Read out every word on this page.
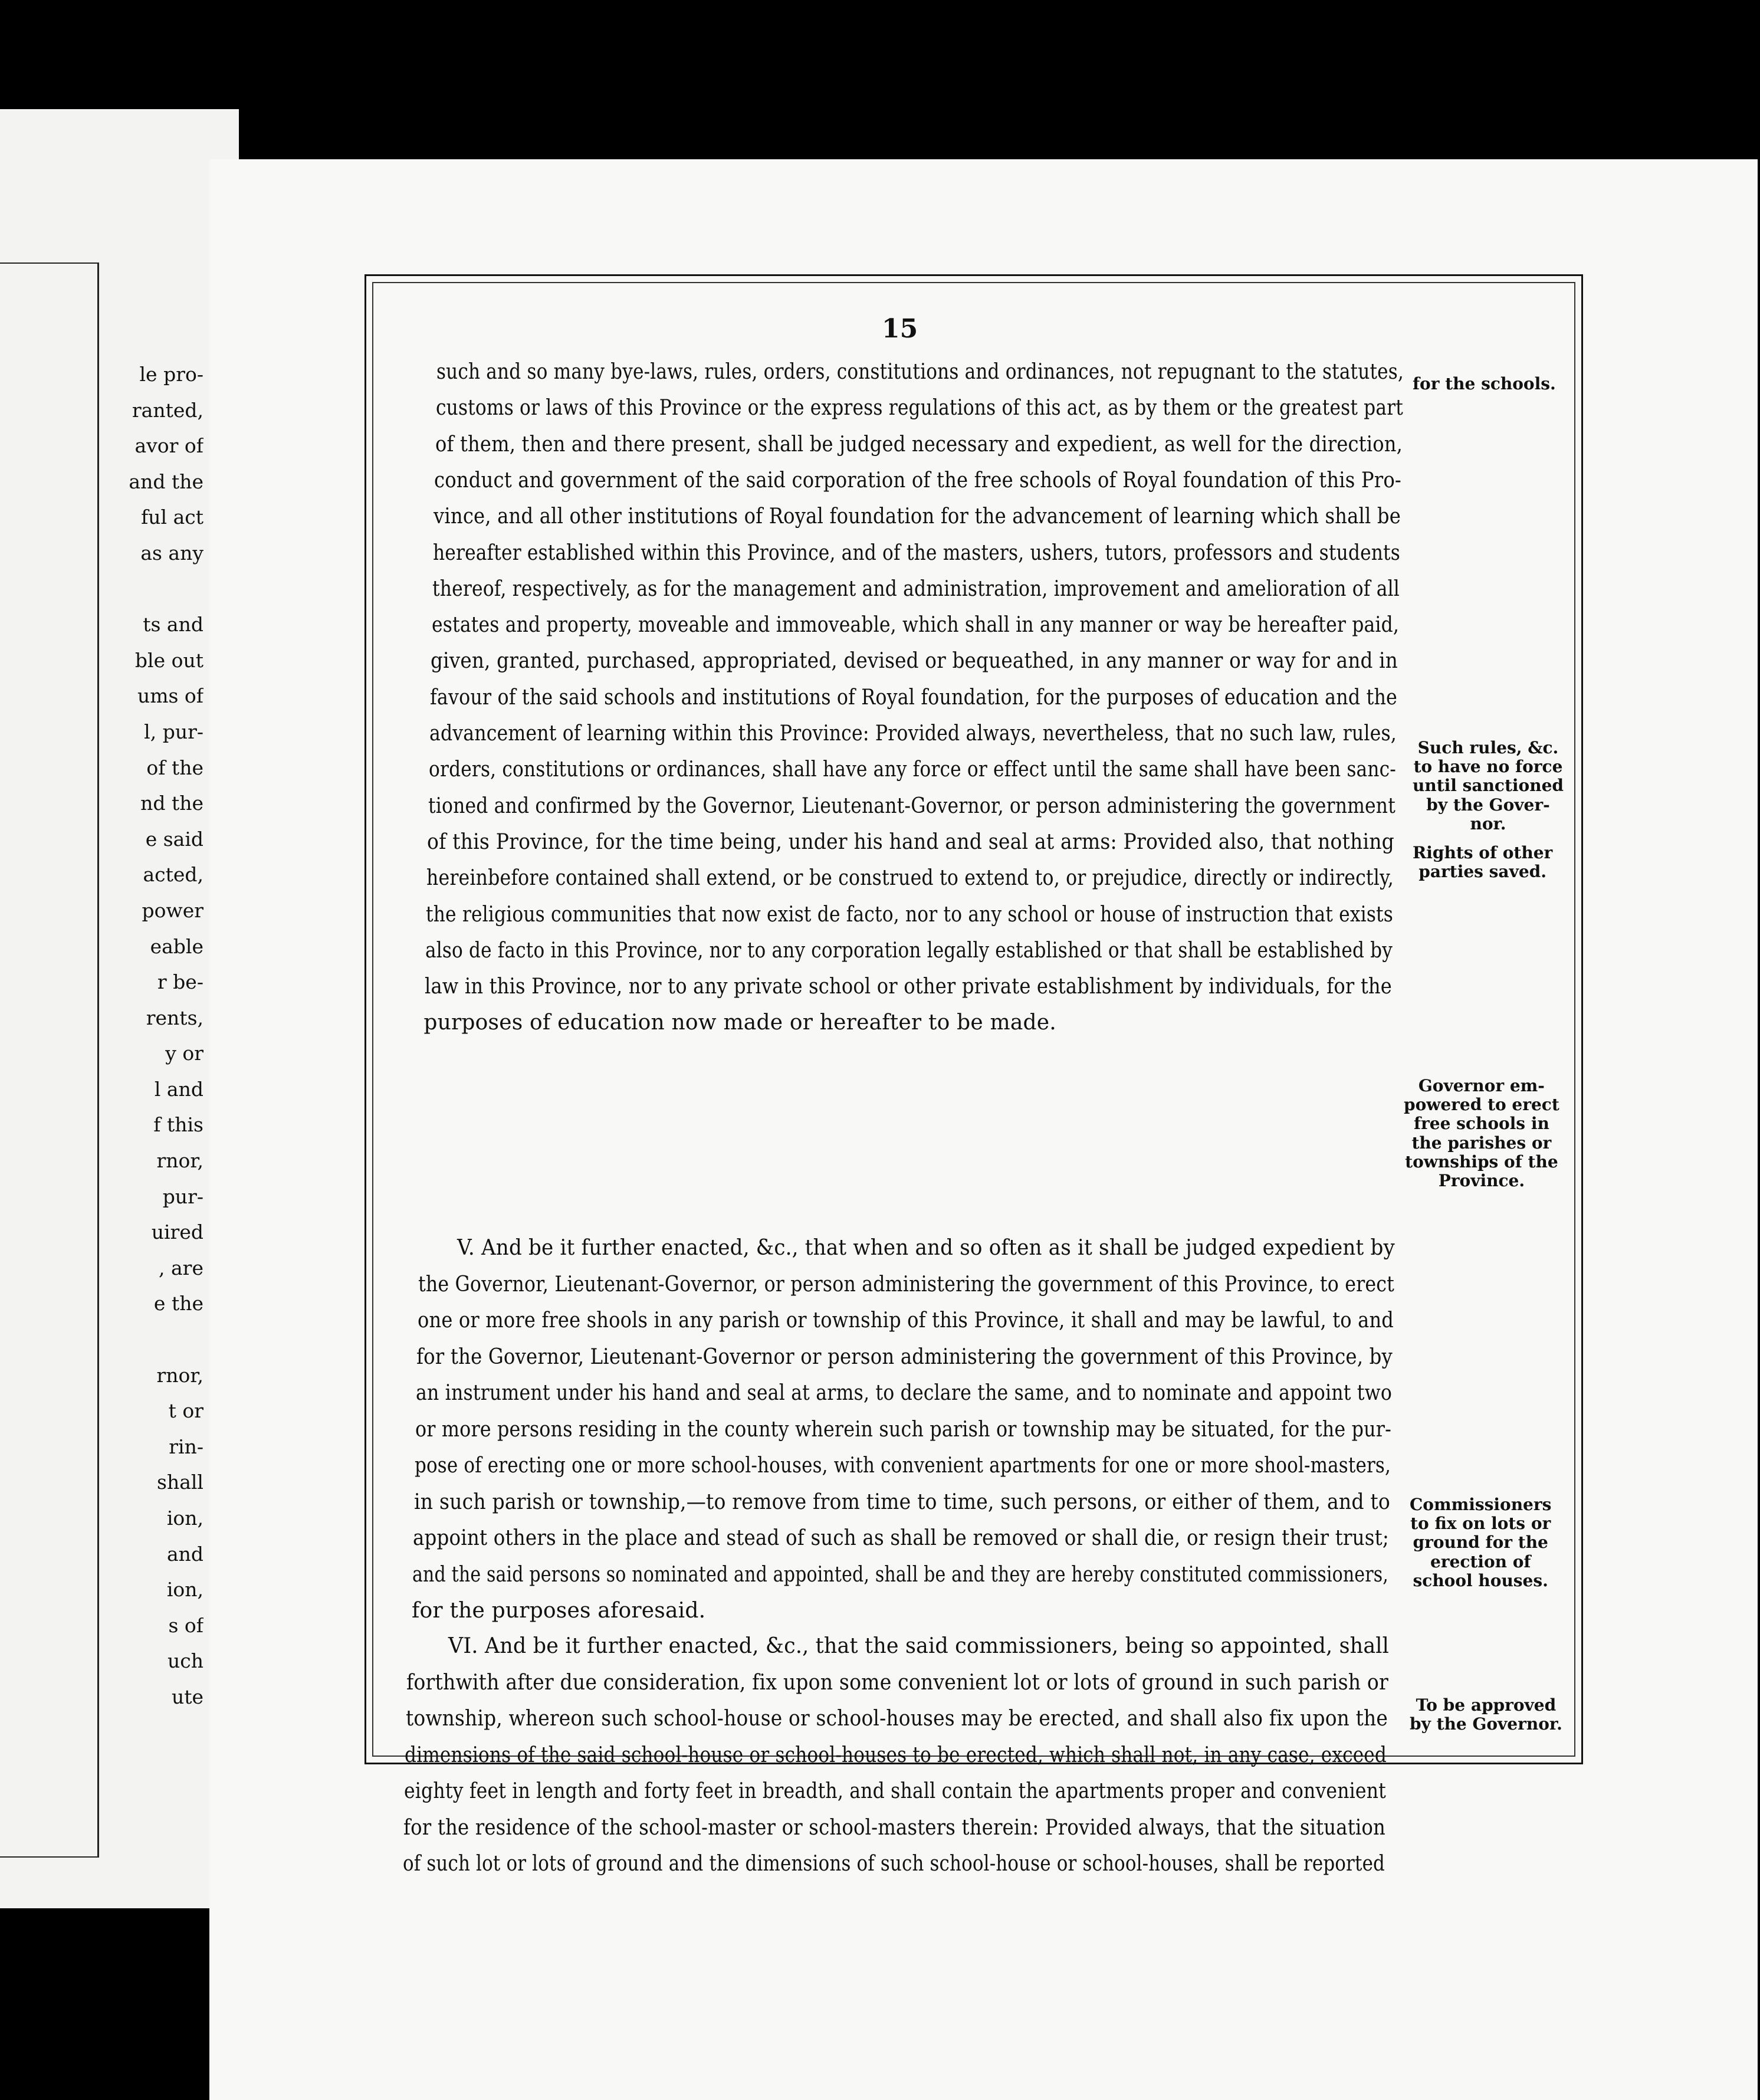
le pro-
ranted,
avor of
and the
ful act
as any

ts and
ble out
ums of
l, pur-
of the
nd the
e said
acted,
power
eable
r be-
rents,
y or
l and
f this
rnor,
pur-
uired
, are
e the

rnor,
t or
rin-
shall
ion,
and
ion,
s of
uch
ute
15
such and so many bye-laws, rules, orders, constitutions and ordinances, not repugnant to the statutes,
customs or laws of this Province or the express regulations of this act, as by them or the greatest part
of them, then and there present, shall be judged necessary and expedient, as well for the direction,
conduct and government of the said corporation of the free schools of Royal foundation of this Pro-
vince, and all other institutions of Royal foundation for the advancement of learning which shall be
hereafter established within this Province, and of the masters, ushers, tutors, professors and students
thereof, respectively, as for the management and administration, improvement and amelioration of all
estates and property, moveable and immoveable, which shall in any manner or way be hereafter paid,
given, granted, purchased, appropriated, devised or bequeathed, in any manner or way for and in
favour of the said schools and institutions of Royal foundation, for the purposes of education and the
advancement of learning within this Province: Provided always, nevertheless, that no such law, rules,
orders, constitutions or ordinances, shall have any force or effect until the same shall have been sanc-
tioned and confirmed by the Governor, Lieutenant-Governor, or person administering the government
of this Province, for the time being, under his hand and seal at arms: Provided also, that nothing
hereinbefore contained shall extend, or be construed to extend to, or prejudice, directly or indirectly,
the religious communities that now exist de facto, nor to any school or house of instruction that exists
also de facto in this Province, nor to any corporation legally established or that shall be established by
law in this Province, nor to any private school or other private establishment by individuals, for the
purposes of education now made or hereafter to be made.
V. And be it further enacted, &c., that when and so often as it shall be judged expedient by
the Governor, Lieutenant-Governor, or person administering the government of this Province, to erect
one or more free shools in any parish or township of this Province, it shall and may be lawful, to and
for the Governor, Lieutenant-Governor or person administering the government of this Province, by
an instrument under his hand and seal at arms, to declare the same, and to nominate and appoint two
or more persons residing in the county wherein such parish or township may be situated, for the pur-
pose of erecting one or more school-houses, with convenient apartments for one or more shool-masters,
in such parish or township,—to remove from time to time, such persons, or either of them, and to
appoint others in the place and stead of such as shall be removed or shall die, or resign their trust;
and the said persons so nominated and appointed, shall be and they are hereby constituted commissioners,
for the purposes aforesaid.
VI. And be it further enacted, &c., that the said commissioners, being so appointed, shall
forthwith after due consideration, fix upon some convenient lot or lots of ground in such parish or
township, whereon such school-house or school-houses may be erected, and shall also fix upon the
dimensions of the said school-house or school-houses to be erected, which shall not, in any case, exceed
eighty feet in length and forty feet in breadth, and shall contain the apartments proper and convenient
for the residence of the school-master or school-masters therein: Provided always, that the situation
of such lot or lots of ground and the dimensions of such school-house or school-houses, shall be reported
for the schools.
Such rules, &c.
to have no force
until sanctioned
by the Gover-
nor.
Rights of other
parties saved.
Governor em-
powered to erect
free schools in
the parishes or
townships of the
Province.
Commissioners
to fix on lots or
ground for the
erection of
school houses.
To be approved
by the Governor.
